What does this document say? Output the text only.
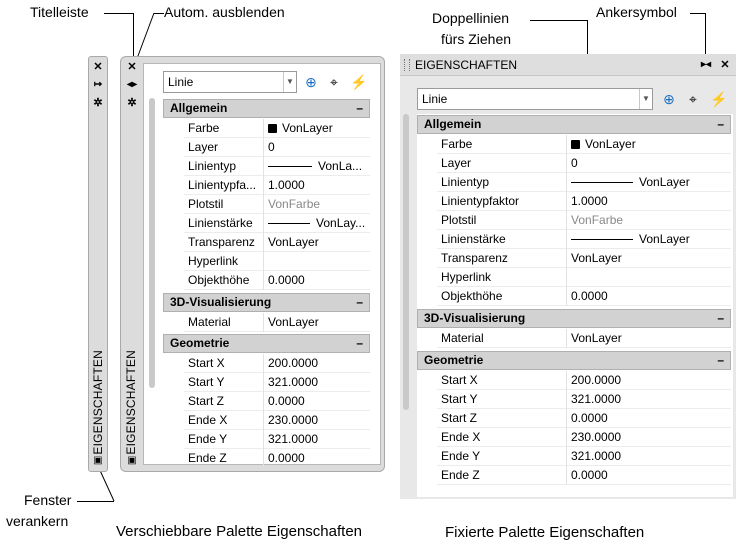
Titelleiste	Autom. ausblenden	Doppellinien
fürs Ziehen
Ankersymbol
Fenster
verankern
✕
↦
✲
EIGENSCHAFTEN
▣
✕
◂▸
✲
EIGENSCHAFTEN
▣
Linie	▼ ⊕ ⌖ ⚡
Allgemein	–
Farbe	VonLayer
Layer	0
Linientyp	VonLa...
Linientypfa... 1.0000
Plotstil	VonFarbe
Linienstärke	VonLay...
Transparenz	VonLayer
Hyperlink
Objekthöhe	0.0000
3D-Visualisierung	–
Material	VonLayer
Geometrie	–
Start X	200.0000
Start Y	321.0000
Start Z	0.0000
Ende X	230.0000
Ende Y	321.0000
Ende Z	0.0000
EIGENSCHAFTEN	▸◂ ✕
Linie	▼ ⊕	⌖ ⚡
Allgemein	–
Farbe	VonLayer
Layer	0
Linientyp	VonLayer
Linientypfaktor	1.0000
Plotstil	VonFarbe
Linienstärke	VonLayer
Transparenz	VonLayer
Hyperlink
Objekthöhe	0.0000
3D-Visualisierung	–
Material	VonLayer
Geometrie	–
Start X	200.0000
Start Y	321.0000
Start Z	0.0000
Ende X	230.0000
Ende Y	321.0000
Ende Z	0.0000
Verschiebbare Palette Eigenschaften	Fixierte Palette Eigenschaften
